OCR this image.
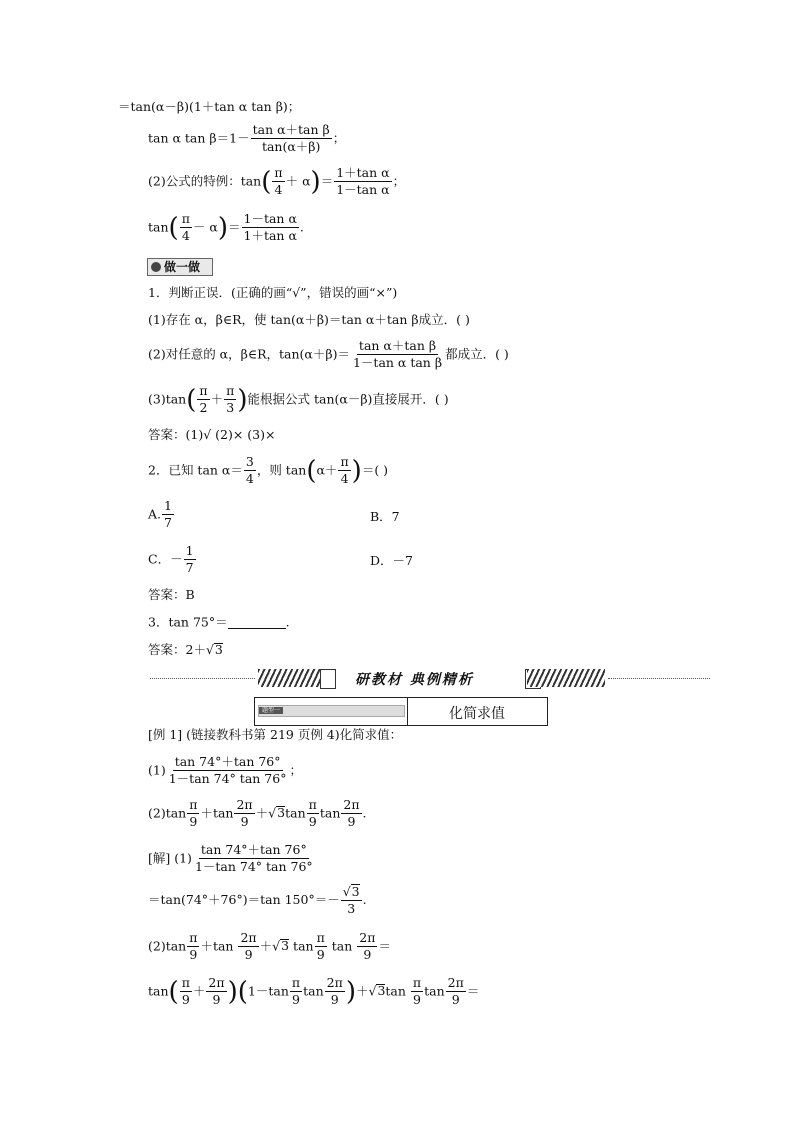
＝tan(α－β)(1＋tan α tan β)；
tan α $\tan \beta=1- \frac{\text{tan α＋tan β}}{\tan(\alpha+\beta)}$ ；
(2)公式的特例：$\tan( \frac{\pi}{4} + \alpha)= \frac{\text{1＋tan α}}{\text{1－tan α}}$ ；
$\tan( \frac{\pi}{4} - \alpha)= \frac{\text{1－tan α}}{\text{1＋tan α}}$ .
做一做
1．判断正误．(正确的画“√”，错误的画“×”)
(1)存在 α，β∈R，使 tan(α＋β)＝tan α＋tan β成立．( )
(2)对任意的 α，β∈R，$\tan(\alpha+\beta)= \frac{\text{tan α＋tan β}}{\text{1－tan α tan β}}$ 都成立．( )
$(3)\tan( \frac{\pi}{2} + \frac{\pi}{3}$ )能根据公式 tan(α－β)直接展开．( )
答案：(1)√ (2)× (3)×
2．已知 $\tan \alpha= \frac{3}{4}$ ，则 $\tan(\alpha+ \frac{\pi}{4}$ )＝( )
A. $\frac{1}{7}$	B．7
C．－ $\frac{1}{7}$	D．－7
答案：B
3．tan 75°＝	.
答案：2＋√3
研教材 典例精析
题型一	化简求值
[例 1] (链接教科书第 219 页例 4)化简求值：
$(1) \frac{\tan 74^\circ+\tan 76^\circ}{1-\tan 74^\circ \tan 76^\circ}$ ；
$(2)\tan \frac{\pi}{9} +\tan \frac{2\pi}{9} +√3\tan \frac{\pi}{9}$ $\tan \frac{2\pi}{9}$ .
[解] $(1) \frac{\tan 74^\circ+\tan 76^\circ}{1-\tan 74^\circ \tan 76^\circ}$
＝tan(74°＋76°)＝tan $150^\circ=- \frac{√3}{3}$ .
$(2)\tan \frac{\pi}{9} +\tan \frac{2\pi}{9} +√3$ $\tan \frac{\pi}{9}$ $\tan \frac{2\pi}{9}$ ＝
$\tan( \frac{\pi}{9} + \frac{2\pi}{9} )(1-\tan \frac{\pi}{9}$ $\tan \frac{2\pi}{9} )+√3\tan \frac{\pi}{9}$ $\tan \frac{2\pi}{9}$ ＝
